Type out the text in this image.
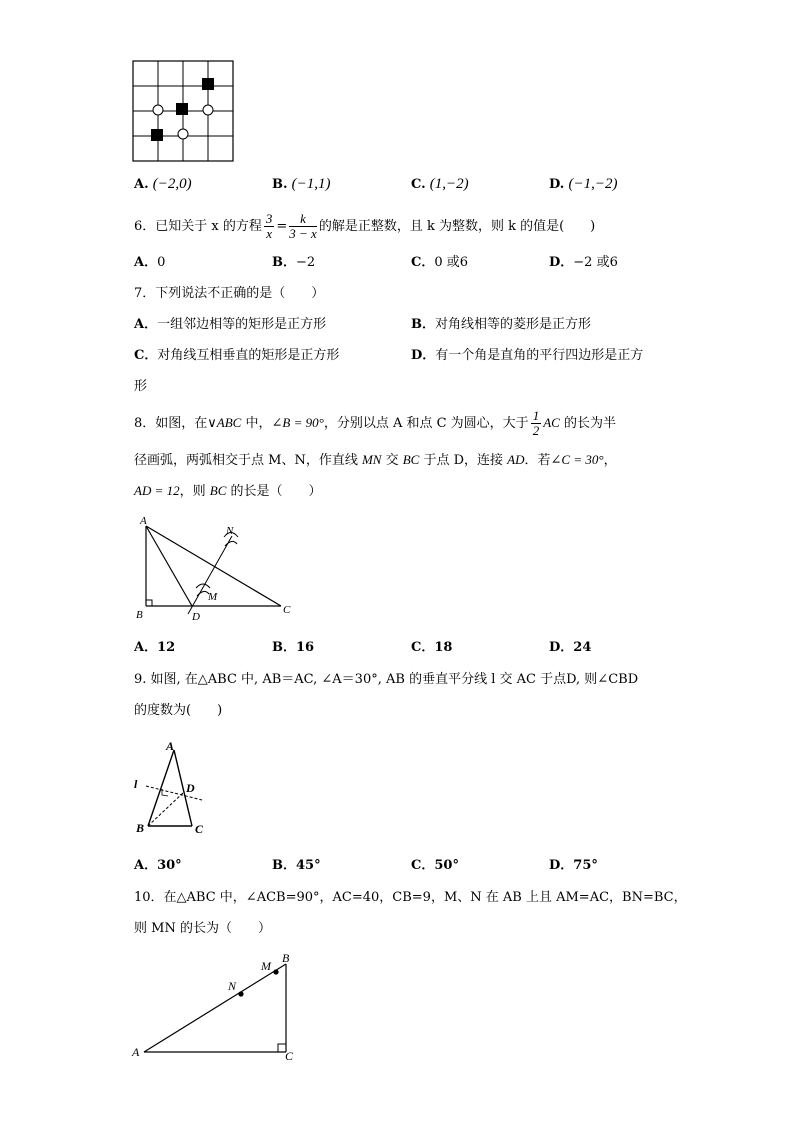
A. (−2,0)	B. (−1,1)	C. (1,−2)	D. (−1,−2)
6．已知关于 x 的方程 $\frac{3}{x} = \frac{k}{3 - x}$ 的解是正整数，且 k 为整数，则 k 的值是(　　)
A．0	B．−2	C．0 或6	D．−2 或6
7．下列说法不正确的是（　　）
A．一组邻边相等的矩形是正方形	B．对角线相等的菱形是正方形
C．对角线互相垂直的矩形是正方形	D．有一个角是直角的平行四边形是正方
形
8．如图，在∨ABC 中，∠B = 90°，分别以点 A 和点 C 为圆心，大于 $\frac{1}{2}$ AC 的长为半
径画弧，两弧相交于点 M、N，作直线 MN 交 BC 于点 D，连接 AD．若∠C = 30°，
AD = 12，则 BC 的长是（　　）
A
B	C
D
M
N
A．12	B．16	C．18	D．24
9. 如图, 在△ABC 中, AB＝AC, ∠A＝30°, AB 的垂直平分线 l 交 AC 于点D, 则∠CBD
的度数为(　　)
A
B	C
D
l
A．30°	B．45°	C．50°	D．75°
10．在△ABC 中，∠ACB=90°，AC=40，CB=9，M、N 在 AB 上且 AM=AC，BN=BC，
则 MN 的长为（　　）
A
B
C
M
N
